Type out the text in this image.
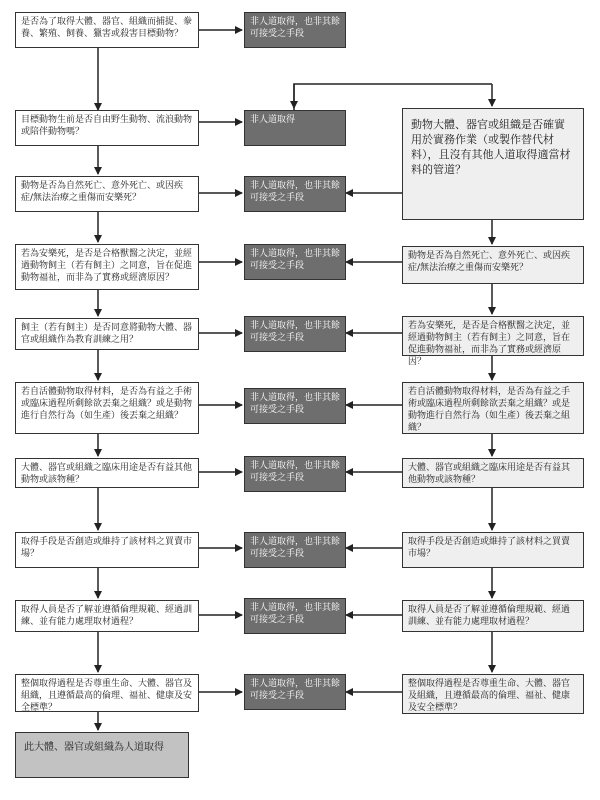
是否為了取得大體、器官、組織而捕捉、豢養、繁殖、飼養、獵害或殺害目標動物？
目標動物生前是否自由野生動物、流浪動物或陪伴動物嗎？
動物是否為自然死亡、意外死亡、或因疾症/無法治療之重傷而安樂死？
若為安樂死，是否是合格獸醫之決定，並經過動物飼主（若有飼主）之同意，旨在促進動物福祉，而非為了實務或經濟原因？
飼主（若有飼主）是否同意將動物大體、器官或組織作為教育訓練之用？
若自活體動物取得材料，是否為有益之手術或臨床過程所剩餘欲丟棄之組織？或是動物進行自然行為（如生產）後丟棄之組織？
大體、器官或組織之臨床用途是否有益其他動物或該物種？
取得手段是否創造或維持了該材料之買賣市場？
取得人員是否了解並遵循倫理規範、經過訓練、並有能力處理取材過程？
整個取得過程是否尊重生命、大體、器官及組織，且遵循最高的倫理、福祉、健康及安全標準？
此大體、器官或組織為人道取得
非人道取得，也非其餘可接受之手段
非人道取得
非人道取得，也非其餘可接受之手段
非人道取得，也非其餘可接受之手段
非人道取得，也非其餘可接受之手段
非人道取得，也非其餘可接受之手段
非人道取得，也非其餘可接受之手段
非人道取得，也非其餘可接受之手段
非人道取得，也非其餘可接受之手段
非人道取得，也非其餘可接受之手段
動物大體、器官或組織是否確實用於實務作業（或製作替代材料），且沒有其他人道取得適當材料的管道？
動物是否為自然死亡、意外死亡、或因疾症/無法治療之重傷而安樂死？
若為安樂死，是否是合格獸醫之決定，並經過動物飼主（若有飼主）之同意，旨在促進動物福祉，而非為了實務或經濟原因？
若自活體動物取得材料，是否為有益之手術或臨床過程所剩餘欲丟棄之組織？或是動物進行自然行為（如生產）後丟棄之組織？
大體、器官或組織之臨床用途是否有益其他動物或該物種？
取得手段是否創造或維持了該材料之買賣市場？
取得人員是否了解並遵循倫理規範、經過訓練、並有能力處理取材過程？
整個取得過程是否尊重生命、大體、器官及組織，且遵循最高的倫理、福祉、健康及安全標準？
